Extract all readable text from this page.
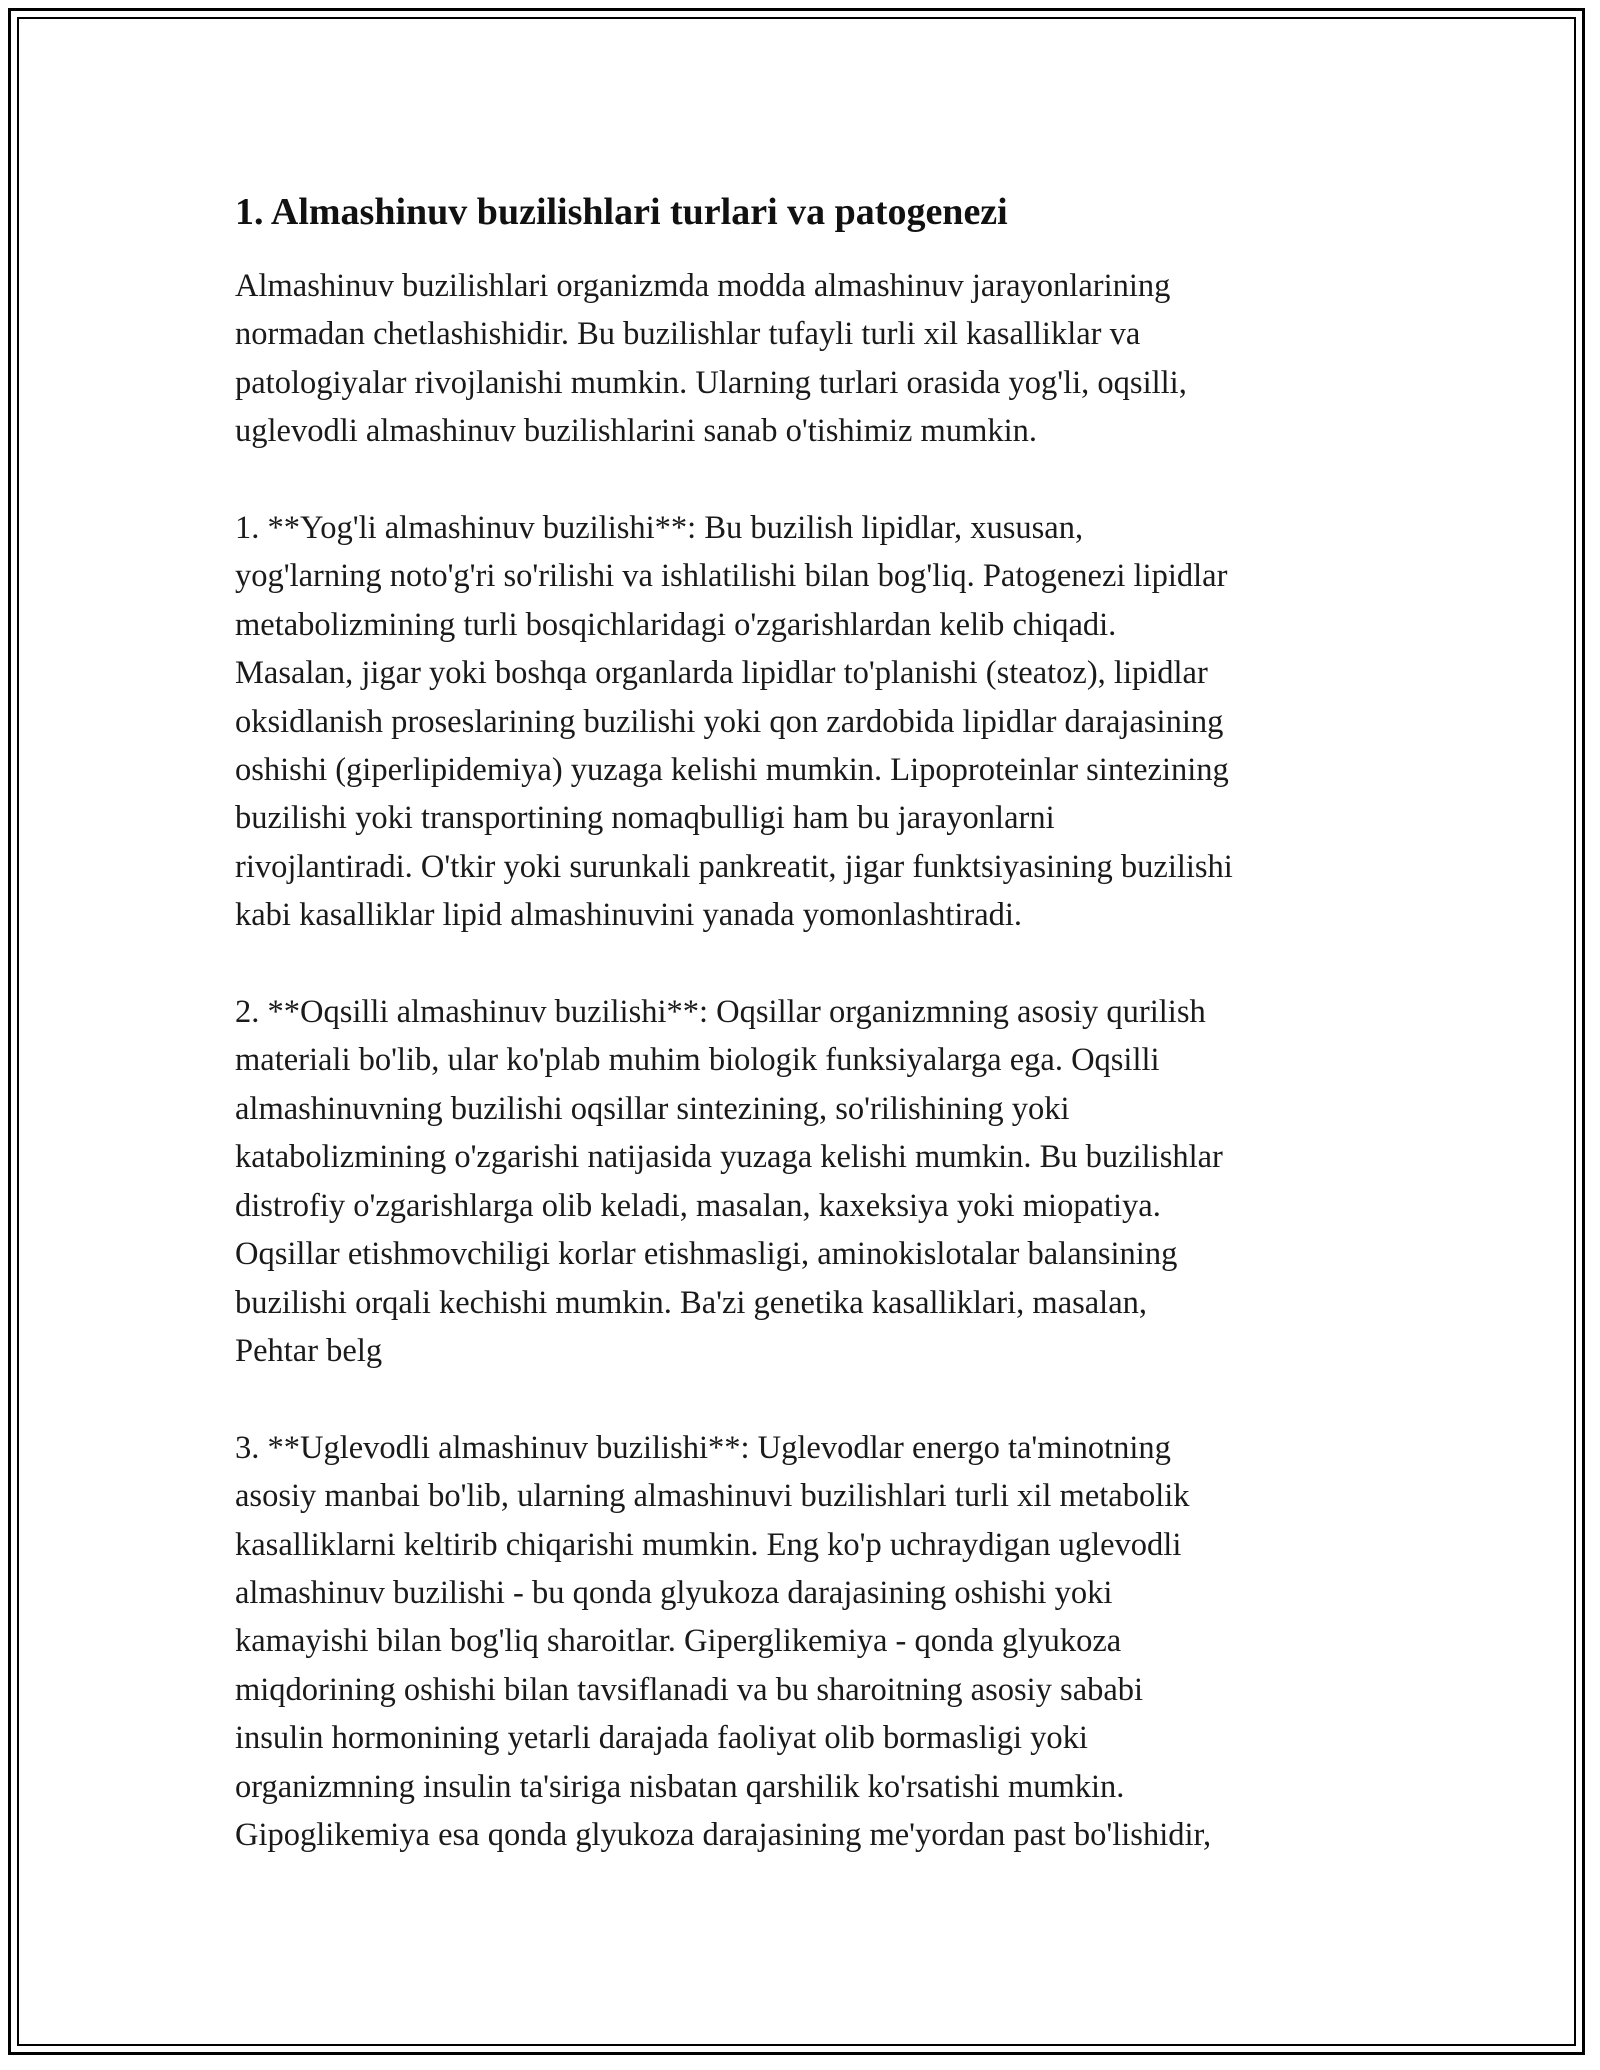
1. Almashinuv buzilishlari turlari va patogenezi
Almashinuv buzilishlari organizmda modda almashinuv jarayonlarining
normadan chetlashishidir. Bu buzilishlar tufayli turli xil kasalliklar va
patologiyalar rivojlanishi mumkin. Ularning turlari orasida yog'li, oqsilli,
uglevodli almashinuv buzilishlarini sanab o'tishimiz mumkin.
1. **Yog'li almashinuv buzilishi**: Bu buzilish lipidlar, xususan,
yog'larning noto'g'ri so'rilishi va ishlatilishi bilan bog'liq. Patogenezi lipidlar
metabolizmining turli bosqichlaridagi o'zgarishlardan kelib chiqadi.
Masalan, jigar yoki boshqa organlarda lipidlar to'planishi (steatoz), lipidlar
oksidlanish proseslarining buzilishi yoki qon zardobida lipidlar darajasining
oshishi (giperlipidemiya) yuzaga kelishi mumkin. Lipoproteinlar sintezining
buzilishi yoki transportining nomaqbulligi ham bu jarayonlarni
rivojlantiradi. O'tkir yoki surunkali pankreatit, jigar funktsiyasining buzilishi
kabi kasalliklar lipid almashinuvini yanada yomonlashtiradi.
2. **Oqsilli almashinuv buzilishi**: Oqsillar organizmning asosiy qurilish
materiali bo'lib, ular ko'plab muhim biologik funksiyalarga ega. Oqsilli
almashinuvning buzilishi oqsillar sintezining, so'rilishining yoki
katabolizmining o'zgarishi natijasida yuzaga kelishi mumkin. Bu buzilishlar
distrofiy o'zgarishlarga olib keladi, masalan, kaxeksiya yoki miopatiya.
Oqsillar etishmovchiligi korlar etishmasligi, aminokislotalar balansining
buzilishi orqali kechishi mumkin. Ba'zi genetika kasalliklari, masalan,
Pehtar belg
3. **Uglevodli almashinuv buzilishi**: Uglevodlar energo ta'minotning
asosiy manbai bo'lib, ularning almashinuvi buzilishlari turli xil metabolik
kasalliklarni keltirib chiqarishi mumkin. Eng ko'p uchraydigan uglevodli
almashinuv buzilishi - bu qonda glyukoza darajasining oshishi yoki
kamayishi bilan bog'liq sharoitlar. Giperglikemiya - qonda glyukoza
miqdorining oshishi bilan tavsiflanadi va bu sharoitning asosiy sababi
insulin hormonining yetarli darajada faoliyat olib bormasligi yoki
organizmning insulin ta'siriga nisbatan qarshilik ko'rsatishi mumkin.
Gipoglikemiya esa qonda glyukoza darajasining me'yordan past bo'lishidir,
